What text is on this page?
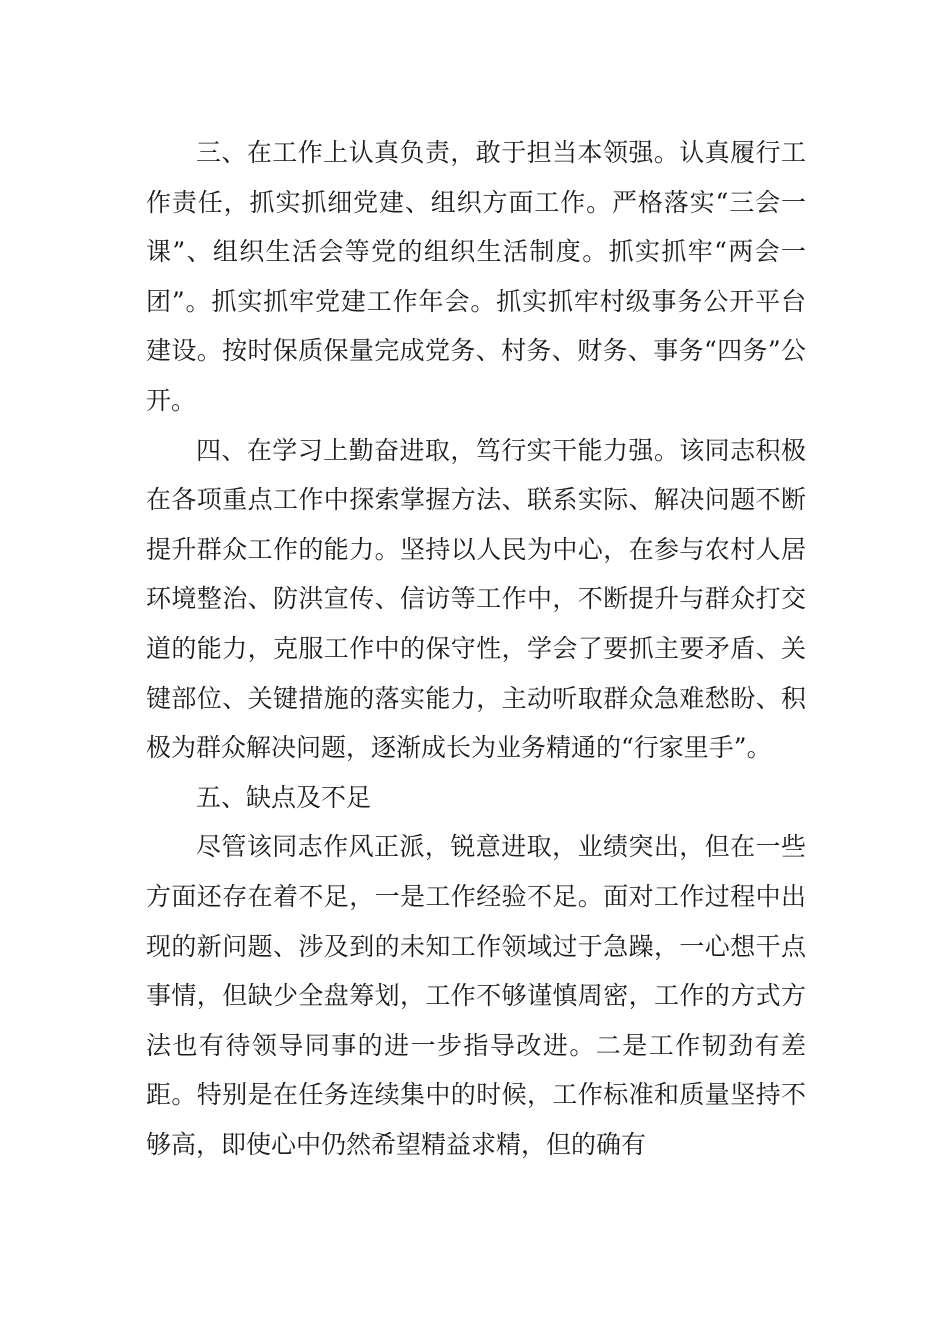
三、在工作上认真负责，敢于担当本领强。认真履行工作责任，抓实抓细党建、组织方面工作。严格落实“三会一课”、组织生活会等党的组织生活制度。抓实抓牢“两会一团”。抓实抓牢党建工作年会。抓实抓牢村级事务公开平台建设。按时保质保量完成党务、村务、财务、事务“四务”公开。

四、在学习上勤奋进取，笃行实干能力强。该同志积极在各项重点工作中探索掌握方法、联系实际、解决问题不断提升群众工作的能力。坚持以人民为中心，在参与农村人居环境整治、防洪宣传、信访等工作中，不断提升与群众打交道的能力，克服工作中的保守性，学会了要抓主要矛盾、关键部位、关键措施的落实能力，主动听取群众急难愁盼、积极为群众解决问题，逐渐成长为业务精通的“行家里手”。

五、缺点及不足

尽管该同志作风正派，锐意进取，业绩突出，但在一些方面还存在着不足，一是工作经验不足。面对工作过程中出现的新问题、涉及到的未知工作领域过于急躁，一心想干点事情，但缺少全盘筹划，工作不够谨慎周密，工作的方式方法也有待领导同事的进一步指导改进。二是工作韧劲有差距。特别是在任务连续集中的时候，工作标准和质量坚持不够高，即使心中仍然希望精益求精，但的确有
